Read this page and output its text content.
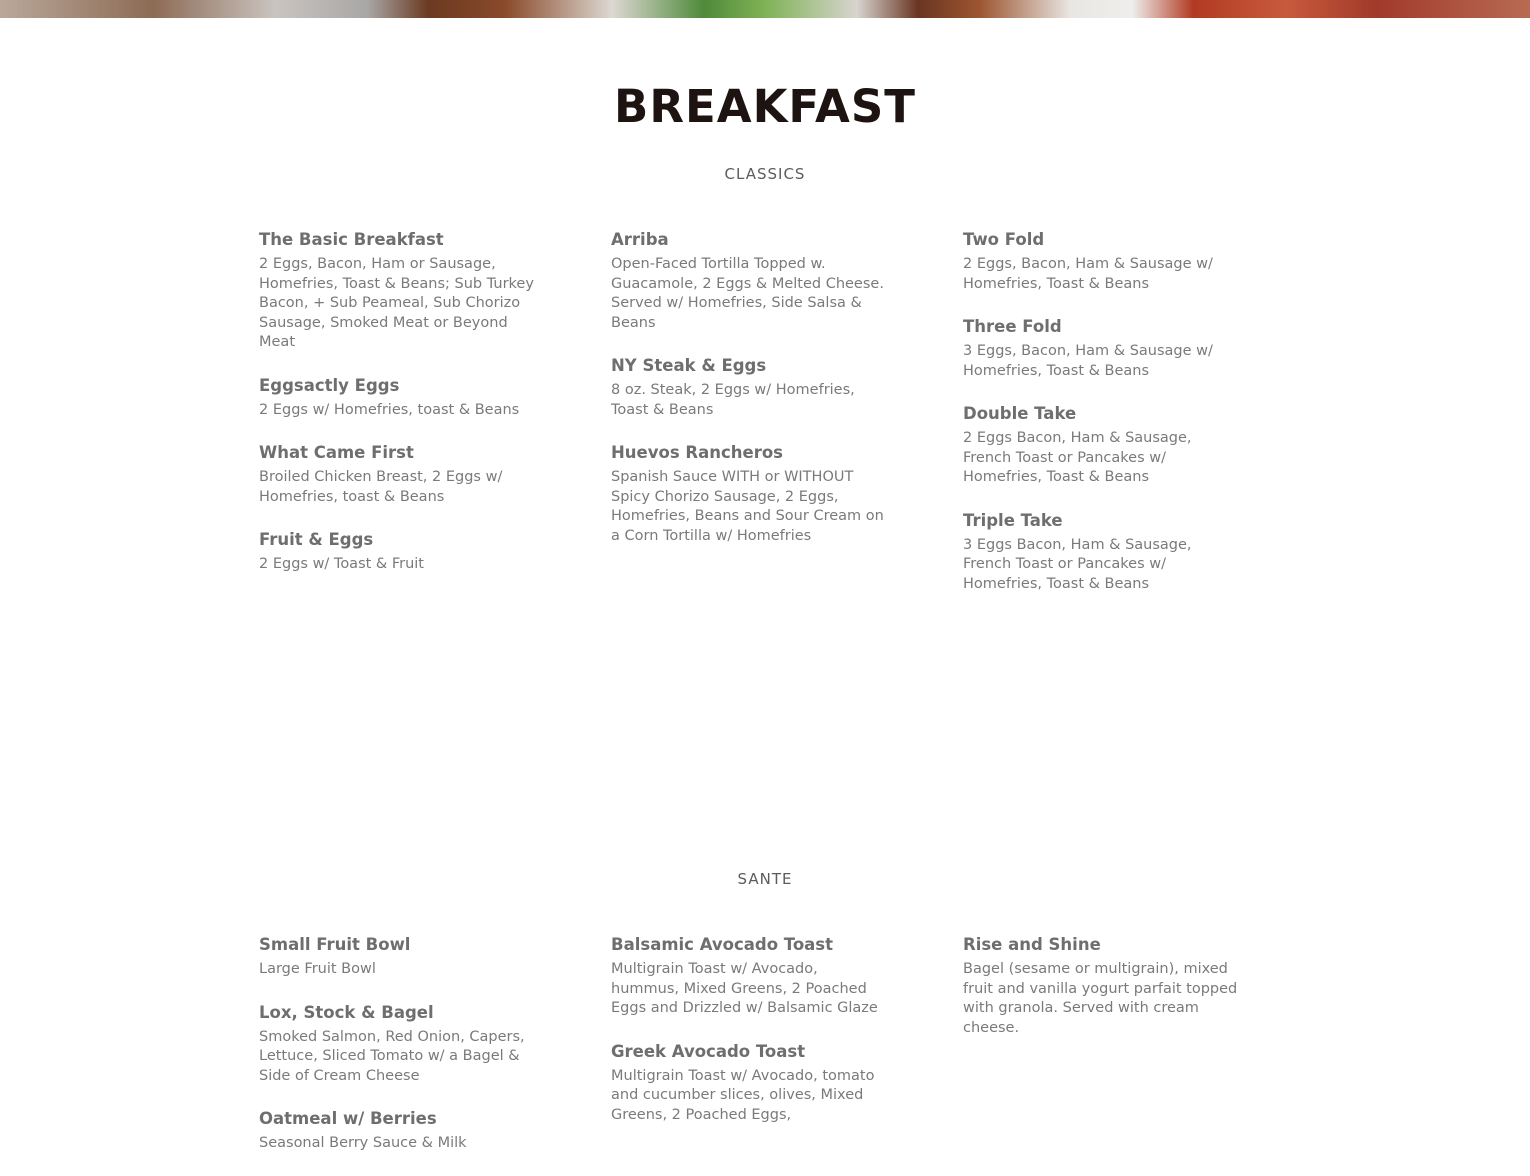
BREAKFAST
CLASSICS
The Basic Breakfast
2 Eggs, Bacon, Ham or Sausage, Homefries, Toast & Beans; Sub Turkey Bacon, + Sub Peameal, Sub Chorizo Sausage, Smoked Meat or Beyond Meat
Eggsactly Eggs
2 Eggs w/ Homefries, toast & Beans
What Came First
Broiled Chicken Breast, 2 Eggs w/ Homefries, toast & Beans
Fruit & Eggs
2 Eggs w/ Toast & Fruit
Arriba
Open-Faced Tortilla Topped w. Guacamole, 2 Eggs & Melted Cheese. Served w/ Homefries, Side Salsa & Beans
NY Steak & Eggs
8 oz. Steak, 2 Eggs w/ Homefries, Toast & Beans
Huevos Rancheros
Spanish Sauce WITH or WITHOUT Spicy Chorizo Sausage, 2 Eggs, Homefries, Beans and Sour Cream on a Corn Tortilla w/ Homefries
Two Fold
2 Eggs, Bacon, Ham & Sausage w/ Homefries, Toast & Beans
Three Fold
3 Eggs, Bacon, Ham & Sausage w/ Homefries, Toast & Beans
Double Take
2 Eggs Bacon, Ham & Sausage, French Toast or Pancakes w/ Homefries, Toast & Beans
Triple Take
3 Eggs Bacon, Ham & Sausage, French Toast or Pancakes w/ Homefries, Toast & Beans
SANTE
Small Fruit Bowl
Large Fruit Bowl
Lox, Stock & Bagel
Smoked Salmon, Red Onion, Capers, Lettuce, Sliced Tomato w/ a Bagel & Side of Cream Cheese
Oatmeal w/ Berries
Seasonal Berry Sauce & Milk
Balsamic Avocado Toast
Multigrain Toast w/ Avocado, hummus, Mixed Greens, 2 Poached Eggs and Drizzled w/ Balsamic Glaze
Greek Avocado Toast
Multigrain Toast w/ Avocado, tomato and cucumber slices, olives, Mixed Greens, 2 Poached Eggs,
Rise and Shine
Bagel (sesame or multigrain), mixed fruit and vanilla yogurt parfait topped with granola. Served with cream cheese.
